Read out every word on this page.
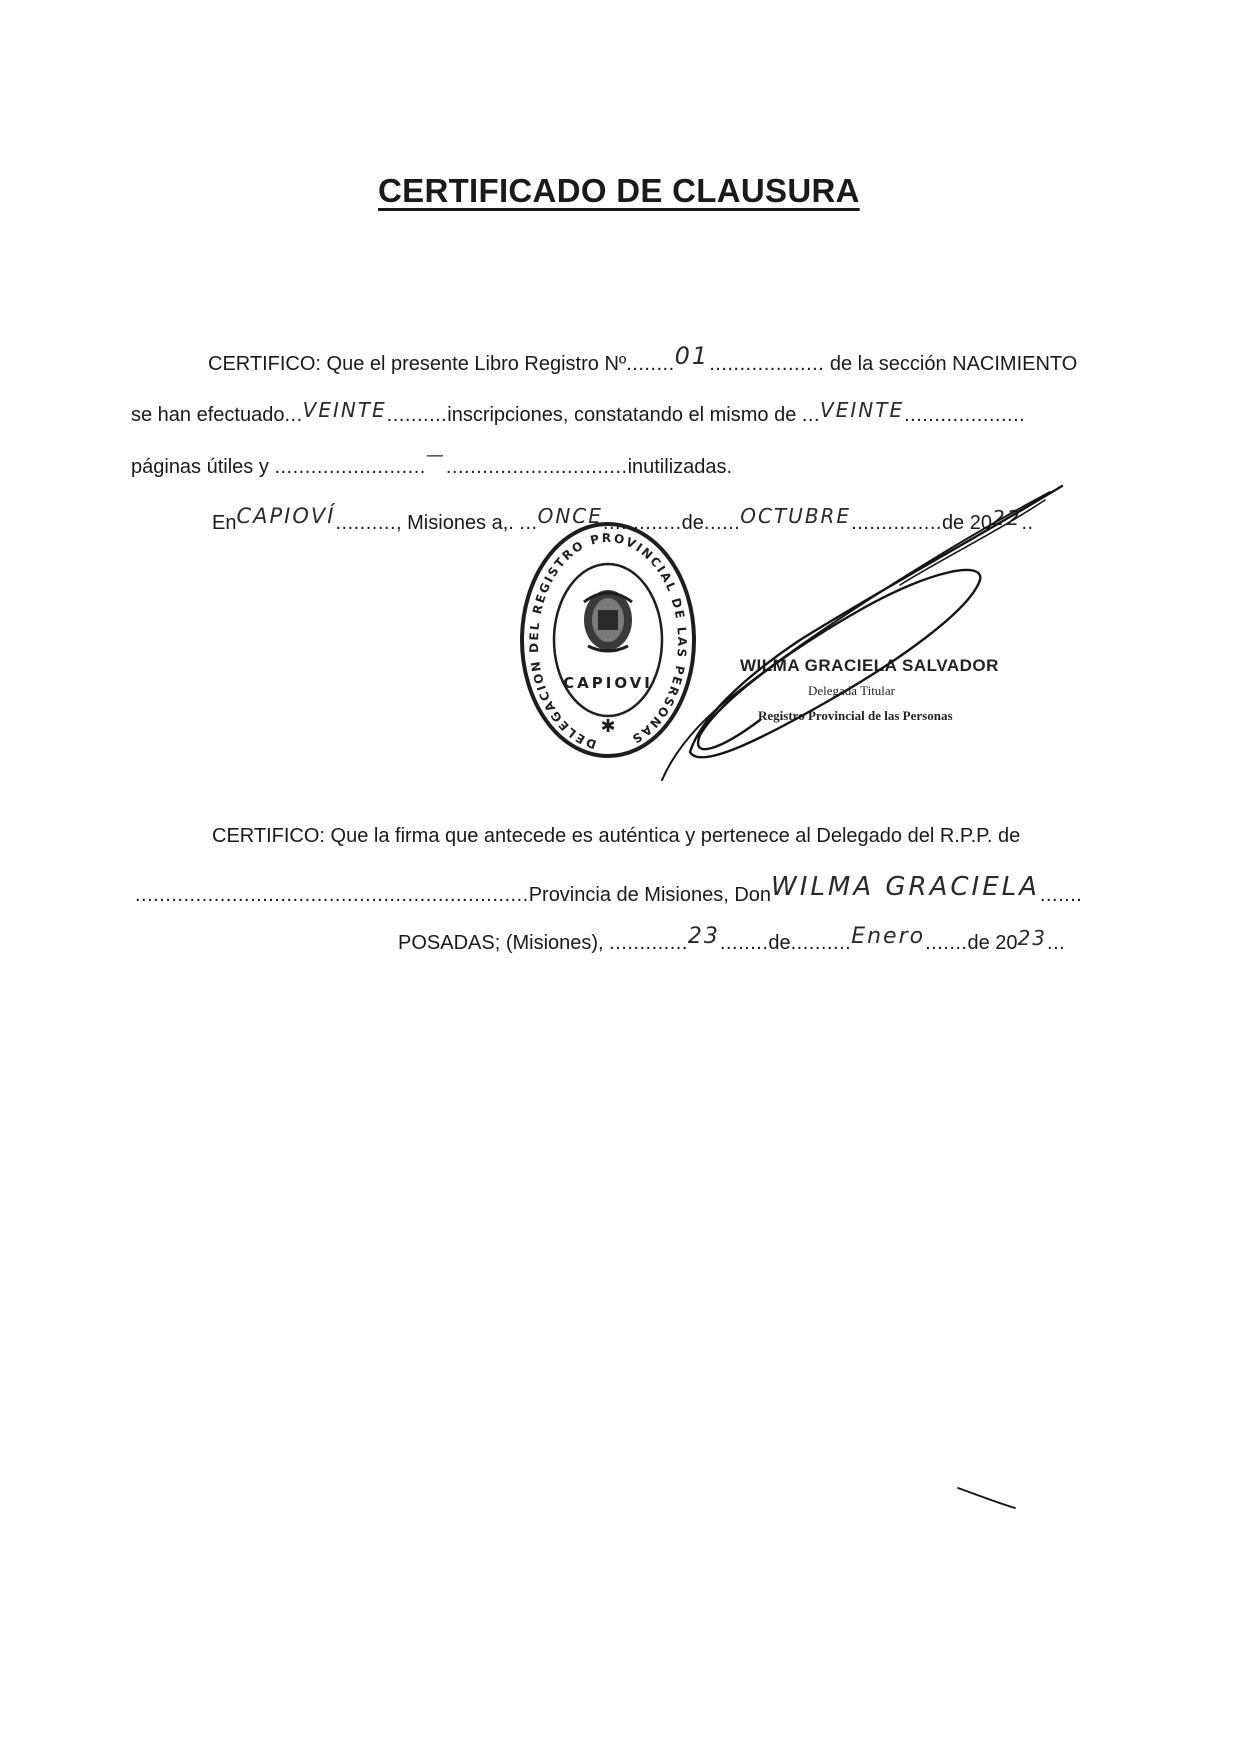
CERTIFICADO DE CLAUSURA
CERTIFICO: Que el presente Libro Registro Nº........01................... de la sección NACIMIENTO
se han efectuado...VEINTE..........inscripciones, constatando el mismo de ...VEINTE....................
páginas útiles y .........................—..............................inutilizadas.
EnCAPIOVÍ.........., Misiones a,. ...ONCE.............de......OCTUBRE...............de 2022..
DELEGACION DEL REGISTRO PROVINCIAL DE LAS PERSONAS
CAPIOVI
✱
WILMA GRACIELA SALVADOR
Delegada Titular
Registro Provincial de las Personas
CERTIFICO: Que la firma que antecede es auténtica y pertenece al Delegado del R.P.P. de
.................................................................Provincia de Misiones, DonWILMA GRACIELA.......
POSADAS; (Misiones), .............23........de..........Enero.......de 2023...
